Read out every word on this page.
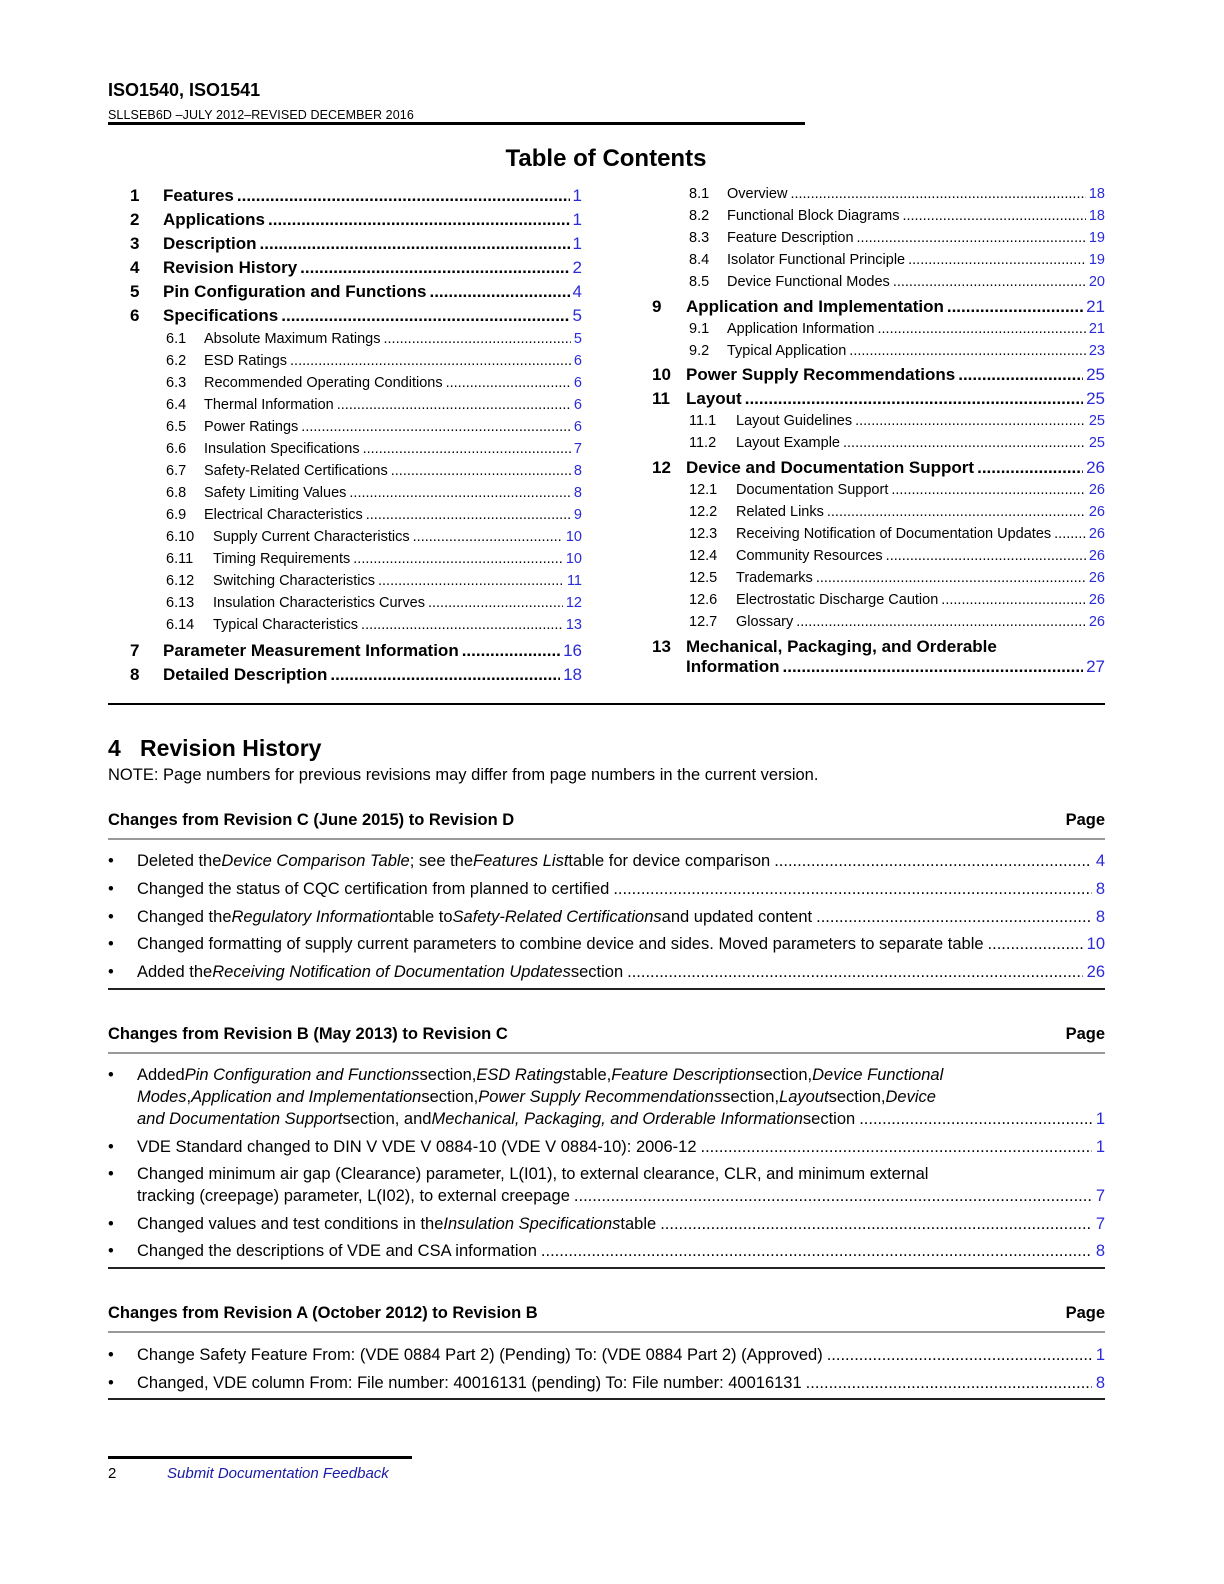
ISO1540, ISO1541
SLLSEB6D –JULY 2012–REVISED DECEMBER 2016
Table of Contents
1	Features .....	1
2	Applications .....	1
3	Description .....	1
4	Revision History .....	2
5	Pin Configuration and Functions .....	4
6	Specifications .....	5
6.1	Absolute Maximum Ratings .....	5
6.2	ESD Ratings .....	6
6.3	Recommended Operating Conditions .....	6
6.4	Thermal Information .....	6
6.5	Power Ratings .....	6
6.6	Insulation Specifications .....	7
6.7	Safety-Related Certifications .....	8
6.8	Safety Limiting Values .....	8
6.9	Electrical Characteristics .....	9
6.10	Supply Current Characteristics .....	10
6.11	Timing Requirements .....	10
6.12	Switching Characteristics .....	11
6.13	Insulation Characteristics Curves .....	12
6.14	Typical Characteristics .....	13
7	Parameter Measurement Information .....	16
8	Detailed Description .....	18
8.1	Overview .....	18
8.2	Functional Block Diagrams .....	18
8.3	Feature Description .....	19
8.4	Isolator Functional Principle .....	19
8.5	Device Functional Modes .....	20
9	Application and Implementation .....	21
9.1	Application Information .....	21
9.2	Typical Application .....	23
10 Power Supply Recommendations .....	25
11 Layout .....	25
11.1	Layout Guidelines .....	25
11.2	Layout Example .....	25
12 Device and Documentation Support .....	26
12.1	Documentation Support .....	26
12.2	Related Links .....	26
12.3	Receiving Notification of Documentation Updates .....	26
12.4	Community Resources .....	26
12.5	Trademarks .....	26
12.6	Electrostatic Discharge Caution .....	26
12.7	Glossary .....	26
13 Mechanical, Packaging, and Orderable
Information .....	27
4 Revision History
NOTE: Page numbers for previous revisions may differ from page numbers in the current version.
Changes from Revision C (June 2015) to Revision D	Page
• Deleted the Device Comparison Table ; see the Features List table for device comparison .....	4
• Changed the status of CQC certification from planned to certified .....	8
• Changed the Regulatory Information table to Safety-Related Certifications and updated content .....	8
• Changed formatting of supply current parameters to combine device and sides. Moved parameters to separate table .....	10
• Added the Receiving Notification of Documentation Updates section .....	26
Changes from Revision B (May 2013) to Revision C	Page
• Added Pin Configuration and Functions section, ESD Ratings table, Feature Description section, Device Functional
Modes , Application and Implementation section, Power Supply Recommendations section, Layout section, Device
and Documentation Support section, and Mechanical, Packaging, and Orderable Information section .....	1
• VDE Standard changed to DIN V VDE V 0884-10 (VDE V 0884-10): 2006-12 .....	1
• Changed minimum air gap (Clearance) parameter, L(I01), to external clearance, CLR, and minimum external
tracking (creepage) parameter, L(I02), to external creepage .....	7
• Changed values and test conditions in the Insulation Specifications table .....	7
• Changed the descriptions of VDE and CSA information .....	8
Changes from Revision A (October 2012) to Revision B	Page
• Change Safety Feature From: (VDE 0884 Part 2) (Pending) To: (VDE 0884 Part 2) (Approved) .....	1
• Changed, VDE column From: File number: 40016131 (pending) To: File number: 40016131 .....	8
2	Submit Documentation Feedback
